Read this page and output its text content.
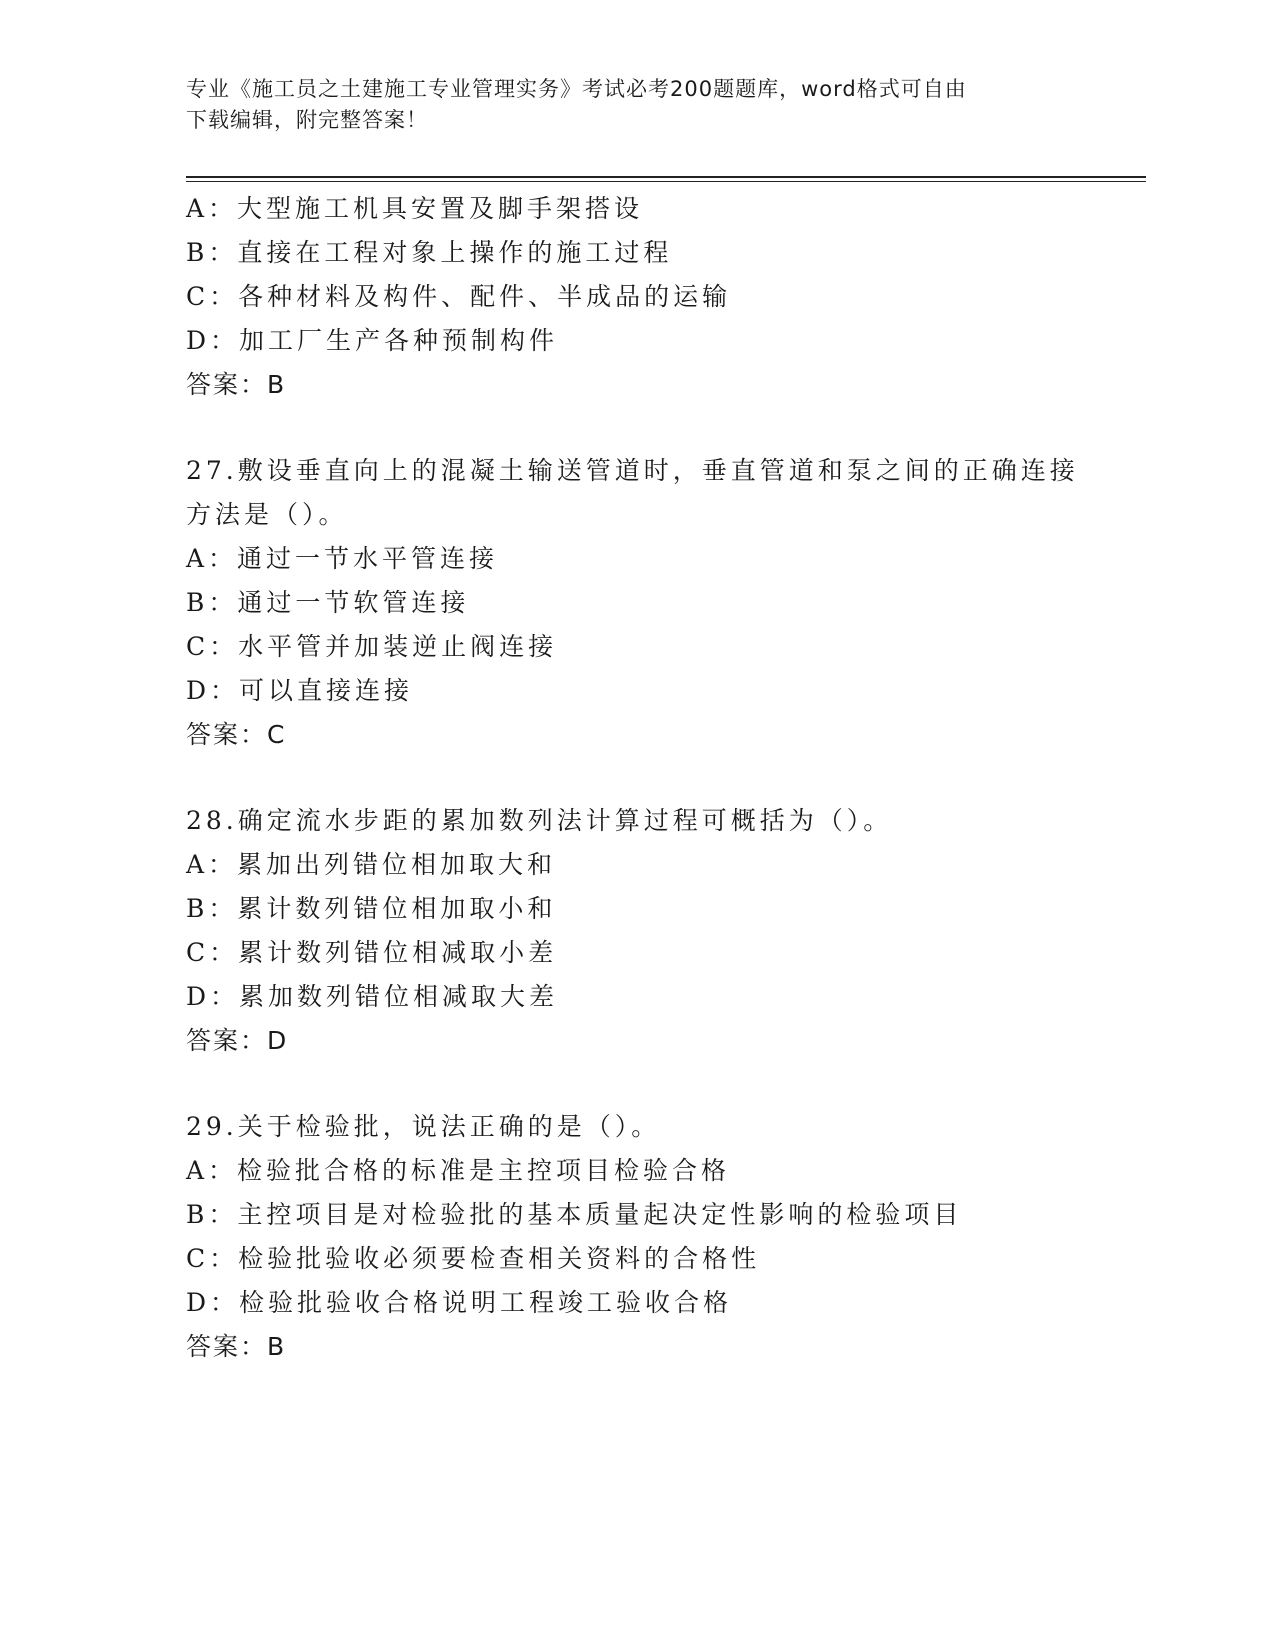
专业《施工员之土建施工专业管理实务》考试必考200题题库，word格式可自由
下载编辑，附完整答案！
A：大型施工机具安置及脚手架搭设
B：直接在工程对象上操作的施工过程
C：各种材料及构件、配件、半成品的运输
D：加工厂生产各种预制构件
答案：B
27.敷设垂直向上的混凝土输送管道时，垂直管道和泵之间的正确连接
方法是（）。
A：通过一节水平管连接
B：通过一节软管连接
C：水平管并加装逆止阀连接
D：可以直接连接
答案：C
28.确定流水步距的累加数列法计算过程可概括为（）。
A：累加出列错位相加取大和
B：累计数列错位相加取小和
C：累计数列错位相减取小差
D：累加数列错位相减取大差
答案：D
29.关于检验批，说法正确的是（）。
A：检验批合格的标准是主控项目检验合格
B：主控项目是对检验批的基本质量起决定性影响的检验项目
C：检验批验收必须要检查相关资料的合格性
D：检验批验收合格说明工程竣工验收合格
答案：B
